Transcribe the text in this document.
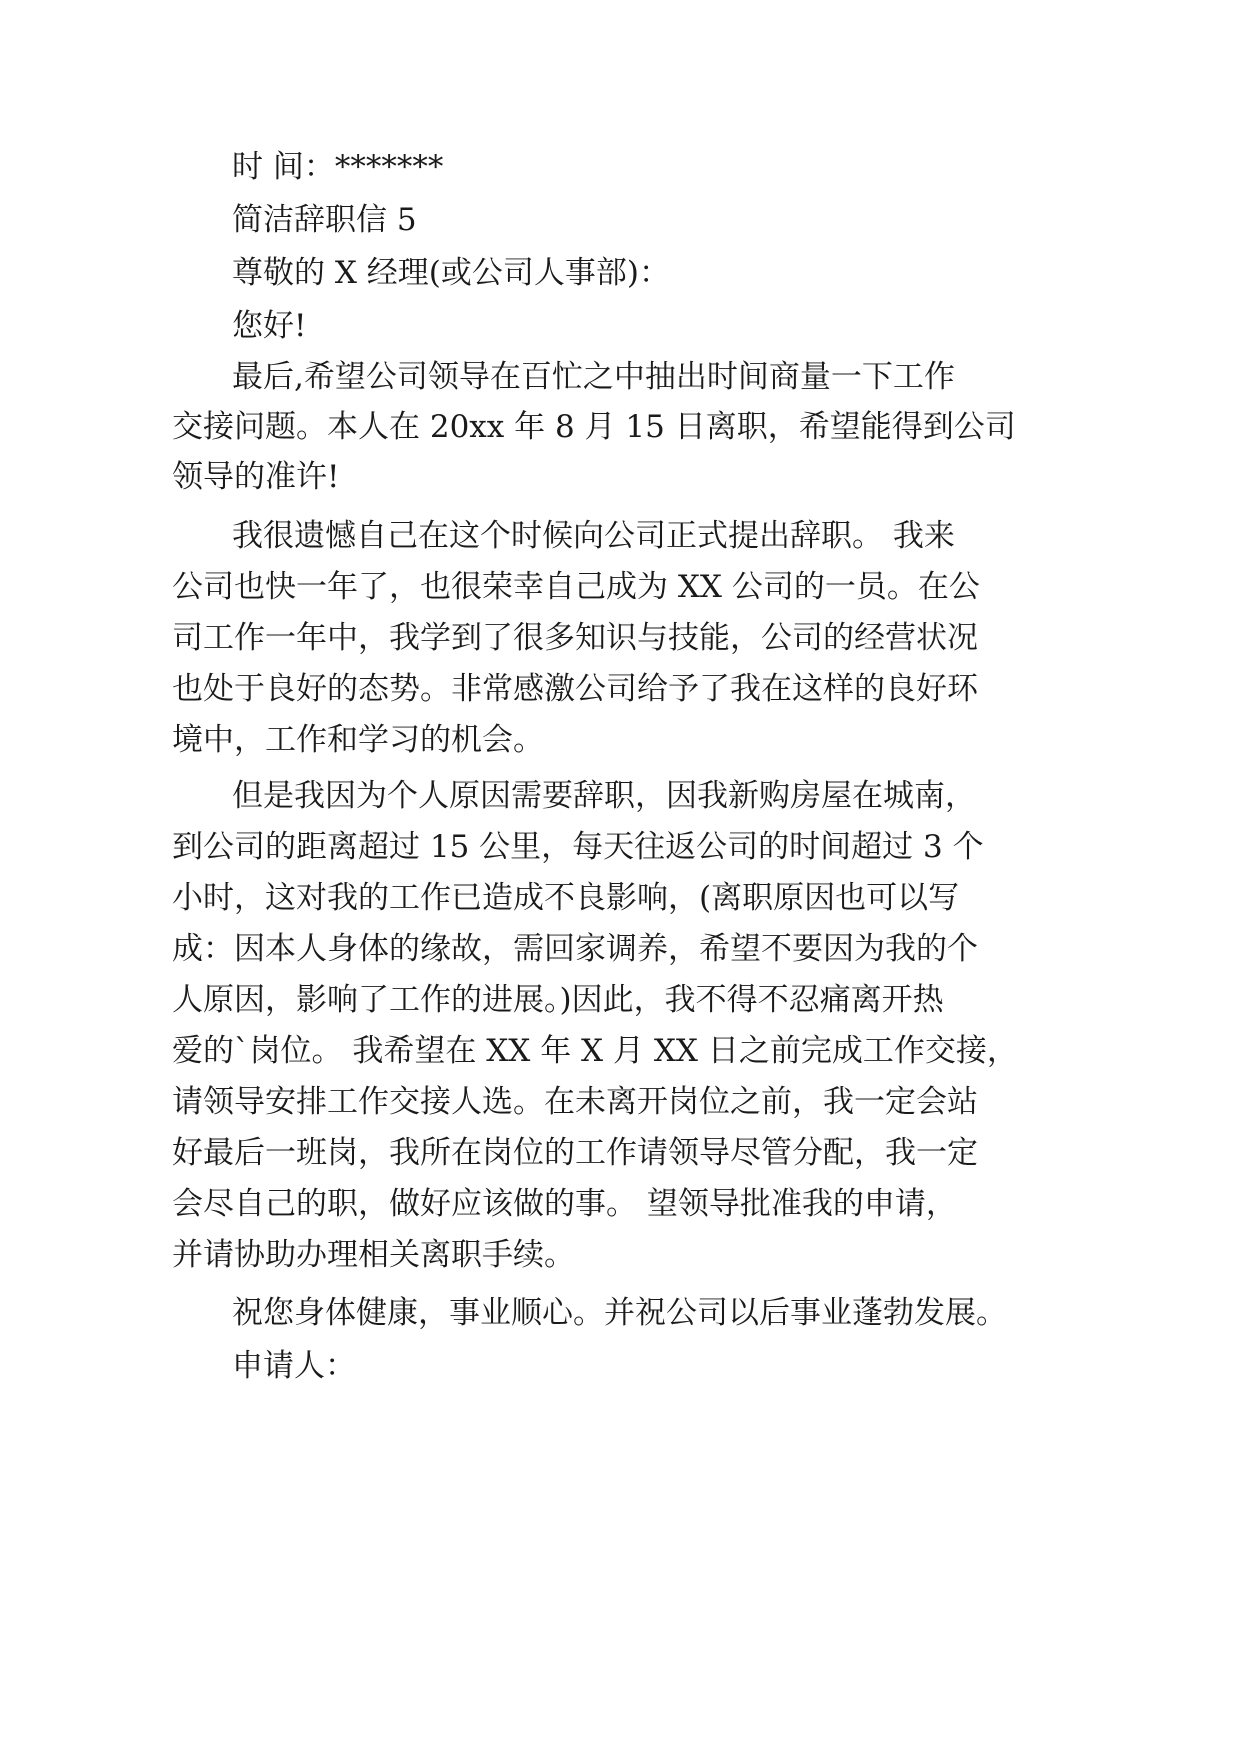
时 间：*******

简洁辞职信 5

尊敬的 X 经理(或公司人事部)：

您好!

最后,希望公司领导在百忙之中抽出时间商量一下工作

交接问题。本人在 20xx 年 8 月 15 日离职，希望能得到公司

领导的准许!

我很遗憾自己在这个时候向公司正式提出辞职。 我来

公司也快一年了，也很荣幸自己成为 XX 公司的一员。在公

司工作一年中，我学到了很多知识与技能，公司的经营状况

也处于良好的态势。非常感激公司给予了我在这样的良好环

境中，工作和学习的机会。

但是我因为个人原因需要辞职，因我新购房屋在城南，

到公司的距离超过 15 公里，每天往返公司的时间超过 3 个

小时，这对我的工作已造成不良影响，(离职原因也可以写

成：因本人身体的缘故，需回家调养，希望不要因为我的个

人原因，影响了工作的进展。)因此，我不得不忍痛离开热

爱的`岗位。 我希望在 XX 年 X 月 XX 日之前完成工作交接，

请领导安排工作交接人选。在未离开岗位之前，我一定会站

好最后一班岗，我所在岗位的工作请领导尽管分配，我一定

会尽自己的职，做好应该做的事。 望领导批准我的申请，

并请协助办理相关离职手续。

祝您身体健康，事业顺心。并祝公司以后事业蓬勃发展。

申请人：
